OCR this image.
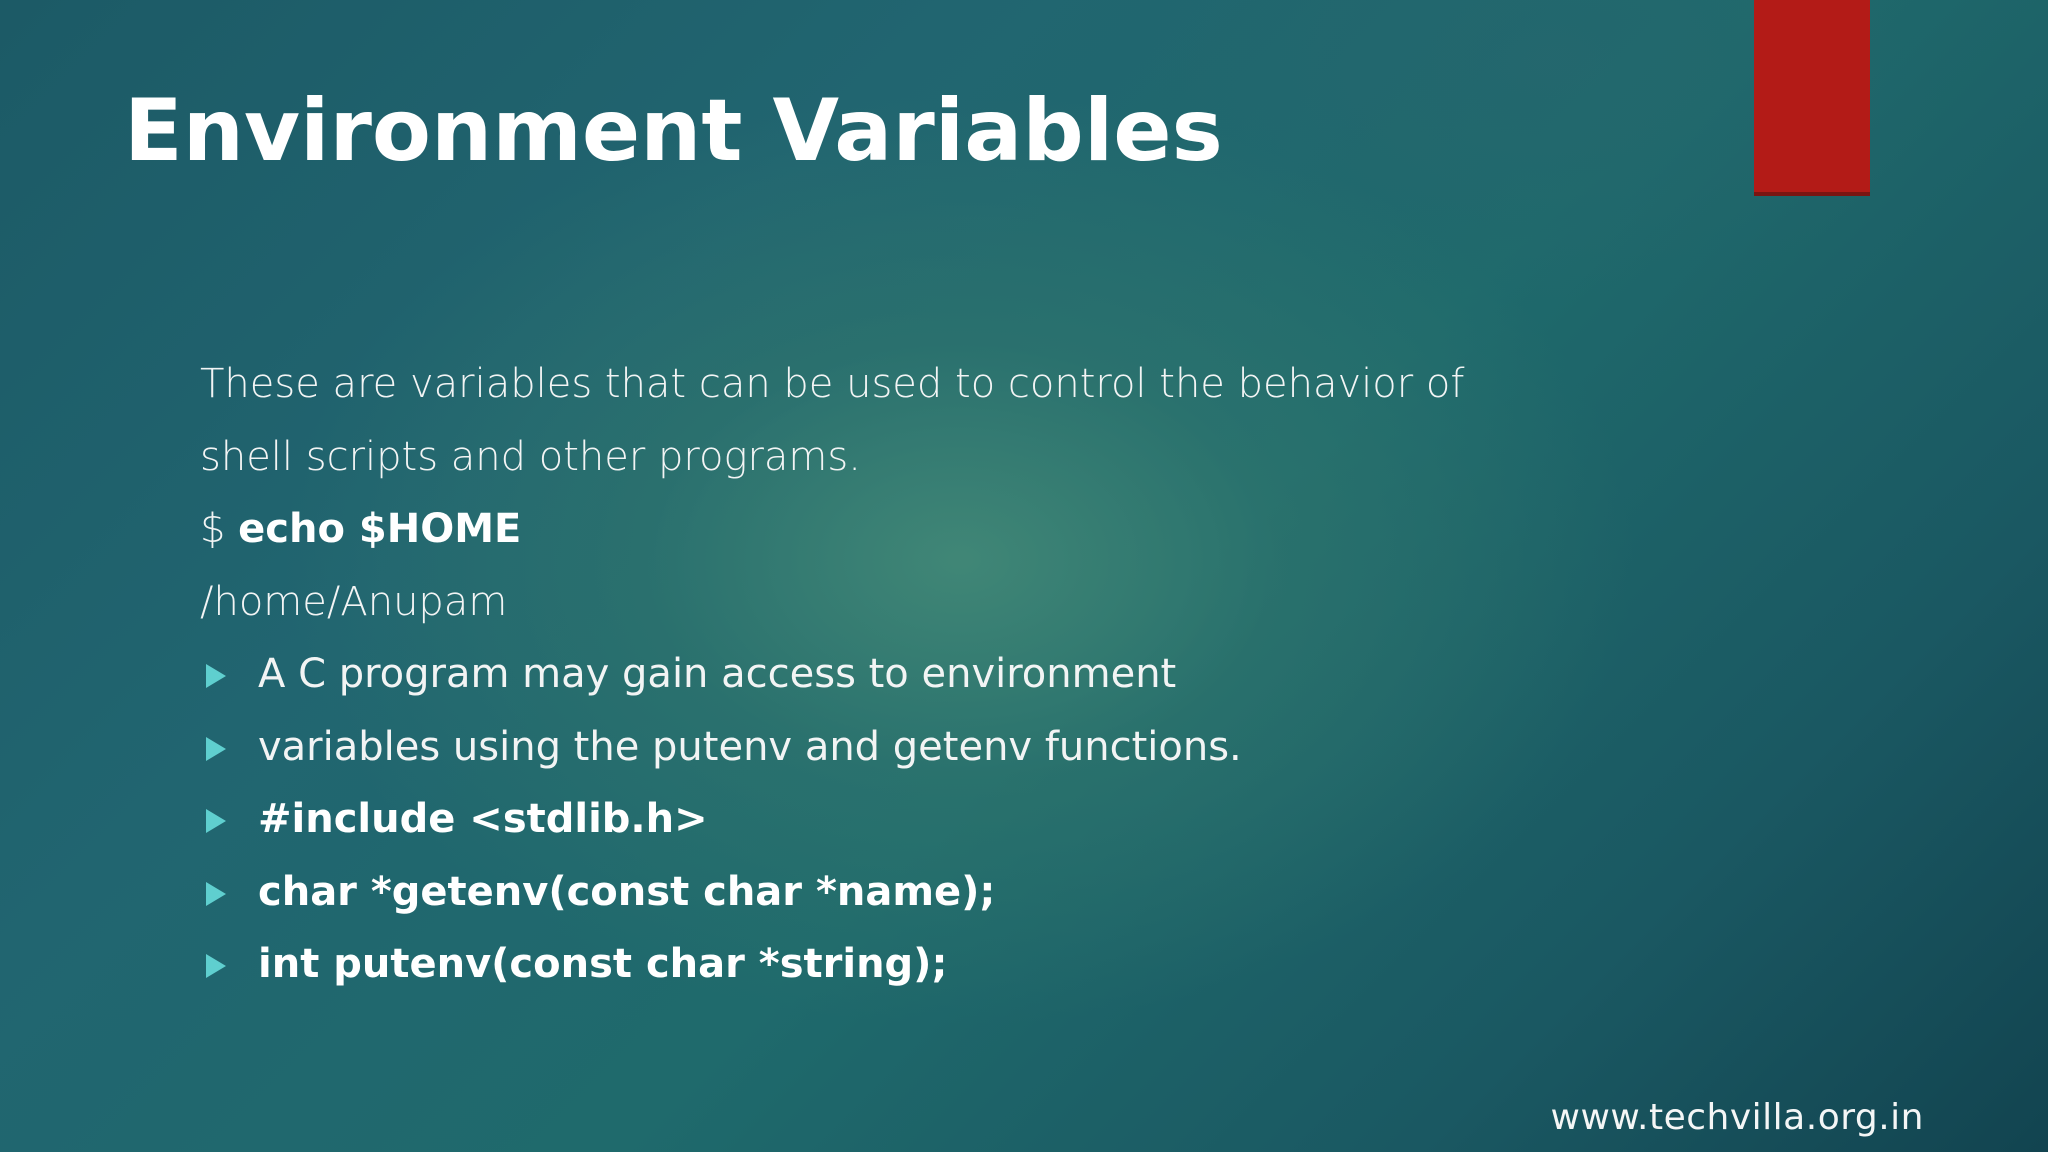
Environment Variables
These are variables that can be used to control the behavior of
shell scripts and other programs.
$ echo $HOME
/home/Anupam
A C program may gain access to environment
variables using the putenv and getenv functions.
#include <stdlib.h>
char *getenv(const char *name);
int putenv(const char *string);
www.techvilla.org.in
